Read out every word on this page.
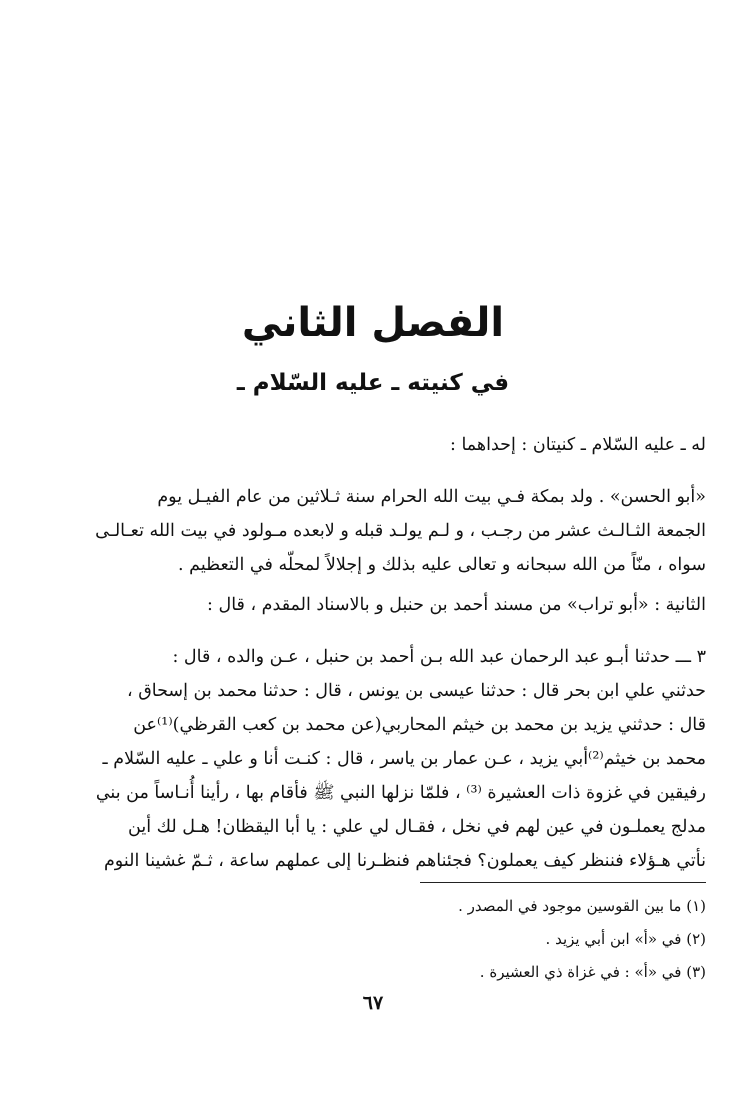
الفصل الثاني
في كنيته ـ عليه السّلام ـ
له ـ عليه السّلام ـ كنيتان : إحداهما :
«أبو الحسن» . ولد بمكة فـي بيت الله الحرام سنة ثـلاثين من عام الفيـل يوم
الجمعة الثـالـث عشر من رجـب ، و لـم يولـد قبله و لابعده مـولود في بيت الله تعـالـى
سواه ، منّاً من الله سبحانه و تعالى عليه بذلك و إجلالاً لمحلّه في التعظيم .
الثانية : «أبو تراب» من مسند أحمد بن حنبل و بالاسناد المقدم ، قال :
٣ ـــ حدثنا أبـو عبد الرحمان عبد الله بـن أحمد بن حنبل ، عـن والده ، قال :
حدثني علي ابن بحر قال : حدثنا عيسى بن يونس ، قال : حدثنا محمد بن إسحاق ،
قال : حدثني يزيد بن محمد بن خيثم المحاربي(عن محمد بن كعب القرظي)⁽¹⁾عن
محمد بن خيثم⁽²⁾أبي يزيد ، عـن عمار بن ياسر ، قال : كنـت أنا و علي ـ عليه السّلام ـ
رفيقين في غزوة ذات العشيرة ⁽³⁾ ، فلمّا نزلها النبي ﷺ فأقام بها ، رأينا أُنـاساً من بني
مدلج يعملـون في عين لهم في نخل ، فقـال لي علي : يا أبا اليقظان! هـل لك أين
نأتي هـؤلاء فننظر كيف يعملون؟ فجئناهم فنظـرنا إلى عملهم ساعة ، ثـمّ غشينا النوم
(١) ما بين القوسين موجود في المصدر .
(٢) في «أ» ابن أبي يزيد .
(٣) في «أ» : في غزاة ذي العشيرة .
٦٧
